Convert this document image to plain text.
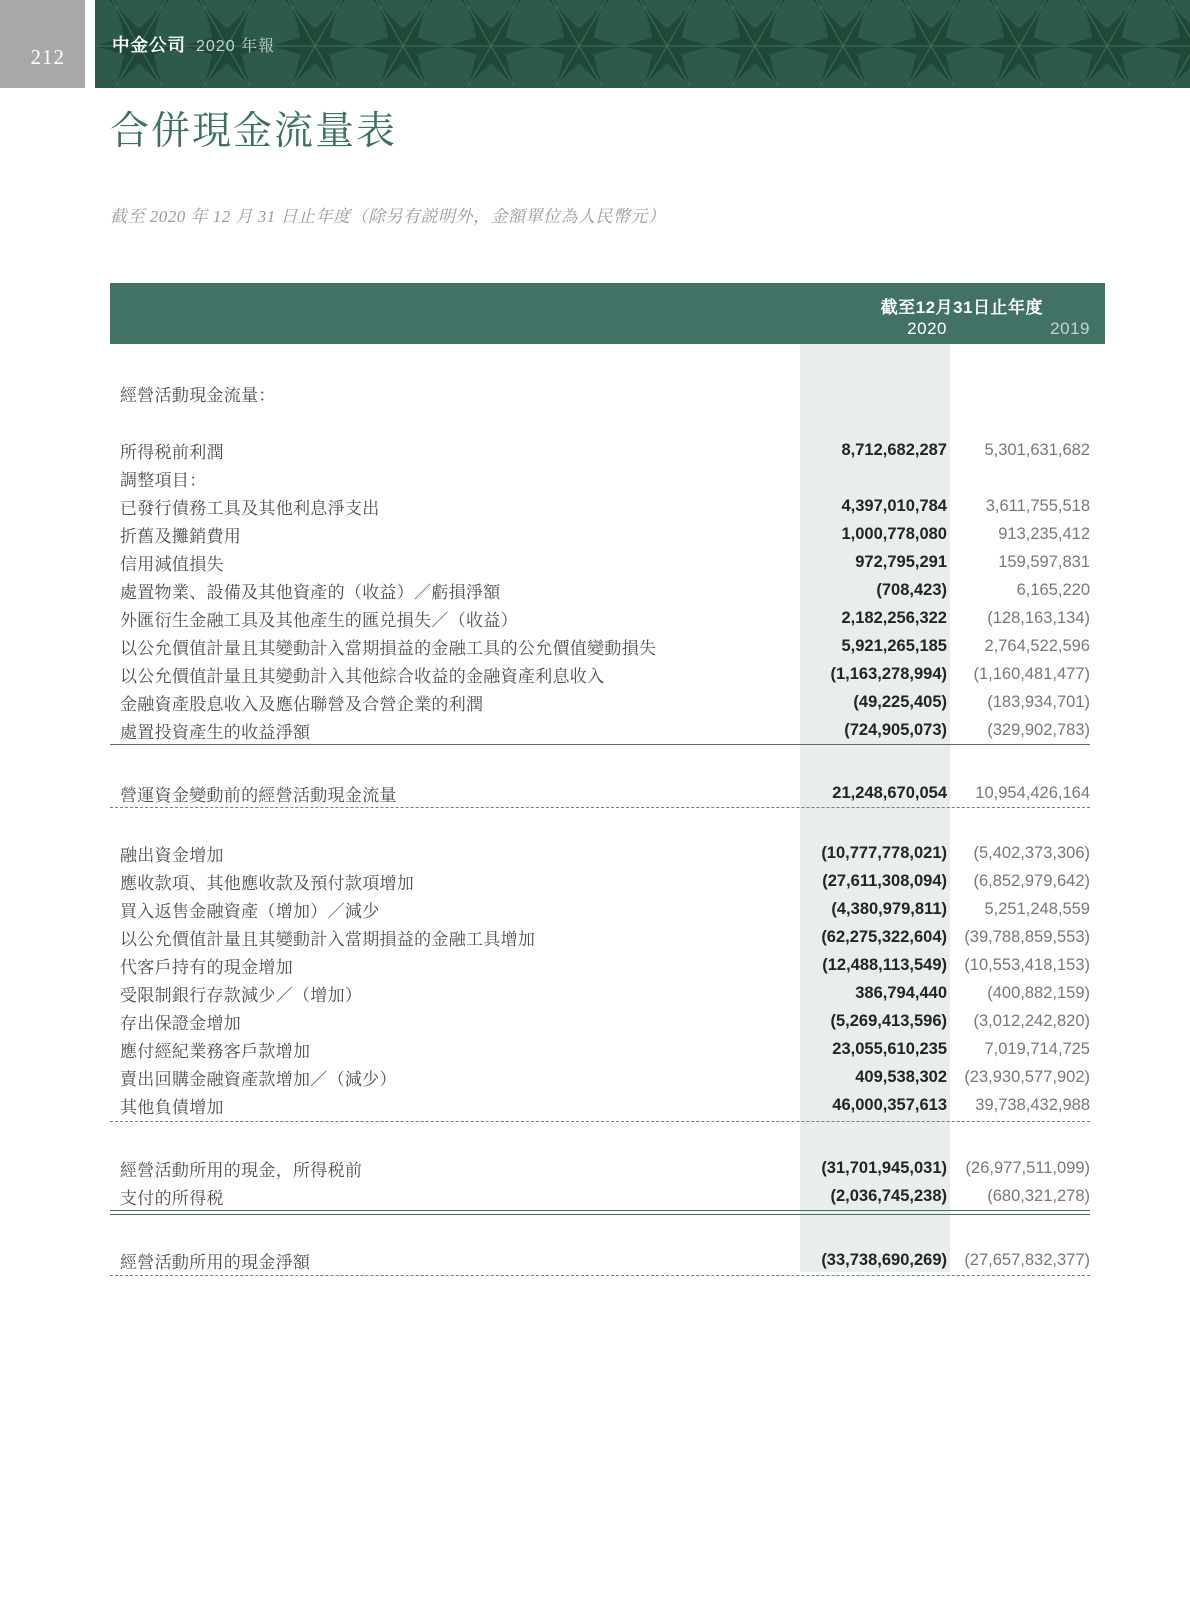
212
中金公司 2020 年報
合併現金流量表
截至 2020 年 12 月 31 日止年度（除另有説明外，金額單位為人民幣元）
截至12月31日止年度
2020	2019
經營活動現金流量：
所得税前利潤	8,712,682,287	5,301,631,682
調整項目：
已發行債務工具及其他利息淨支出	4,397,010,784	3,611,755,518
折舊及攤銷費用	1,000,778,080	913,235,412
信用減值損失	972,795,291	159,597,831
處置物業、設備及其他資產的（收益）／虧損淨額	(708,423)	6,165,220
外匯衍生金融工具及其他產生的匯兑損失／（收益）	2,182,256,322	(128,163,134)
以公允價值計量且其變動計入當期損益的金融工具的公允價值變動損失	5,921,265,185	2,764,522,596
以公允價值計量且其變動計入其他綜合收益的金融資產利息收入	(1,163,278,994)	(1,160,481,477)
金融資產股息收入及應佔聯營及合營企業的利潤	(49,225,405)	(183,934,701)
處置投資產生的收益淨額	(724,905,073)	(329,902,783)
營運資金變動前的經營活動現金流量	21,248,670,054	10,954,426,164
融出資金增加	(10,777,778,021)	(5,402,373,306)
應收款項、其他應收款及預付款項增加	(27,611,308,094)	(6,852,979,642)
買入返售金融資產（增加）／減少	(4,380,979,811)	5,251,248,559
以公允價值計量且其變動計入當期損益的金融工具增加	(62,275,322,604)	(39,788,859,553)
代客戶持有的現金增加	(12,488,113,549)	(10,553,418,153)
受限制銀行存款減少／（增加）	386,794,440	(400,882,159)
存出保證金增加	(5,269,413,596)	(3,012,242,820)
應付經紀業務客戶款增加	23,055,610,235	7,019,714,725
賣出回購金融資產款增加／（減少）	409,538,302	(23,930,577,902)
其他負債增加	46,000,357,613	39,738,432,988
經營活動所用的現金，所得税前	(31,701,945,031)	(26,977,511,099)
支付的所得税	(2,036,745,238)	(680,321,278)
經營活動所用的現金淨額	(33,738,690,269)	(27,657,832,377)
